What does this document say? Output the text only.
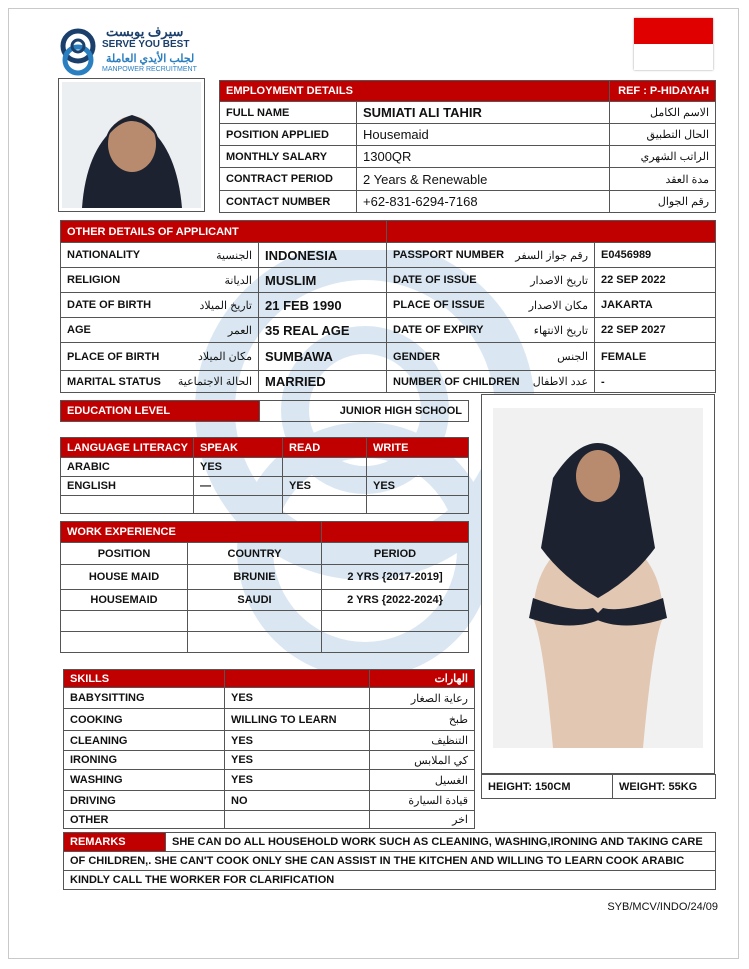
سيرف يوبست
SERVE YOU BEST
لجلب الأيدي العاملة
MANPOWER RECRUITMENT
EMPLOYMENT DETAILS		REF : P-HIDAYAH
FULL NAME	SUMIATI ALI TAHIR	الاسم الكامل
POSITION APPLIED	Housemaid	الحال التطبيق
MONTHLY SALARY	1300QR	الراتب الشهري
CONTRACT PERIOD	2 Years & Renewable	مدة العقد
CONTACT NUMBER	+62-831-6294-7168	رقم الجوال
OTHER DETAILS OF APPLICANT			

NATIONALITY الجنسية	INDONESIA	PASSPORT NUMBER رقم جواز السفر	E0456989

RELIGION الديانة	MUSLIM	DATE OF ISSUE تاريخ الاصدار	22 SEP 2022

DATE OF BIRTH تاريخ الميلاد	21 FEB 1990	PLACE OF ISSUE مكان الاصدار	JAKARTA

AGE العمر	35 REAL AGE	DATE OF EXPIRY تاريخ الانتهاء	22 SEP 2027

PLACE OF BIRTH مكان الميلاد	SUMBAWA	GENDER الجنس	FEMALE

MARITAL STATUS الحالة الاجتماعية	MARRIED	NUMBER OF CHILDREN عدد الاطفال	-
EDUCATION LEVEL	JUNIOR HIGH SCHOOL
LANGUAGE LITERACY	SPEAK	READ	WRITE
ARABIC	YES		
ENGLISH	—	YES	YES

WORK EXPERIENCE		
POSITION	COUNTRY	PERIOD
HOUSE MAID	BRUNIE	2 YRS {2017-2019]
HOUSEMAID	SAUDI	2 YRS {2022-2024}

SKILLS		الهارات
BABYSITTING	YES	رعاية الصغار
COOKING	WILLING TO LEARN	طبخ
CLEANING	YES	التنظيف
IRONING	YES	كي الملابس
WASHING	YES	الغسيل
DRIVING	NO	قيادة السيارة
OTHER		اخر
HEIGHT: 150CM	WEIGHT: 55KG
REMARKS	SHE CAN DO ALL HOUSEHOLD WORK SUCH AS CLEANING, WASHING,IRONING AND TAKING CARE
OF CHILDREN,. SHE CAN'T COOK ONLY SHE CAN ASSIST IN THE KITCHEN AND WILLING TO LEARN COOK ARABIC
KINDLY CALL THE WORKER FOR CLARIFICATION
SYB/MCV/INDO/24/09
